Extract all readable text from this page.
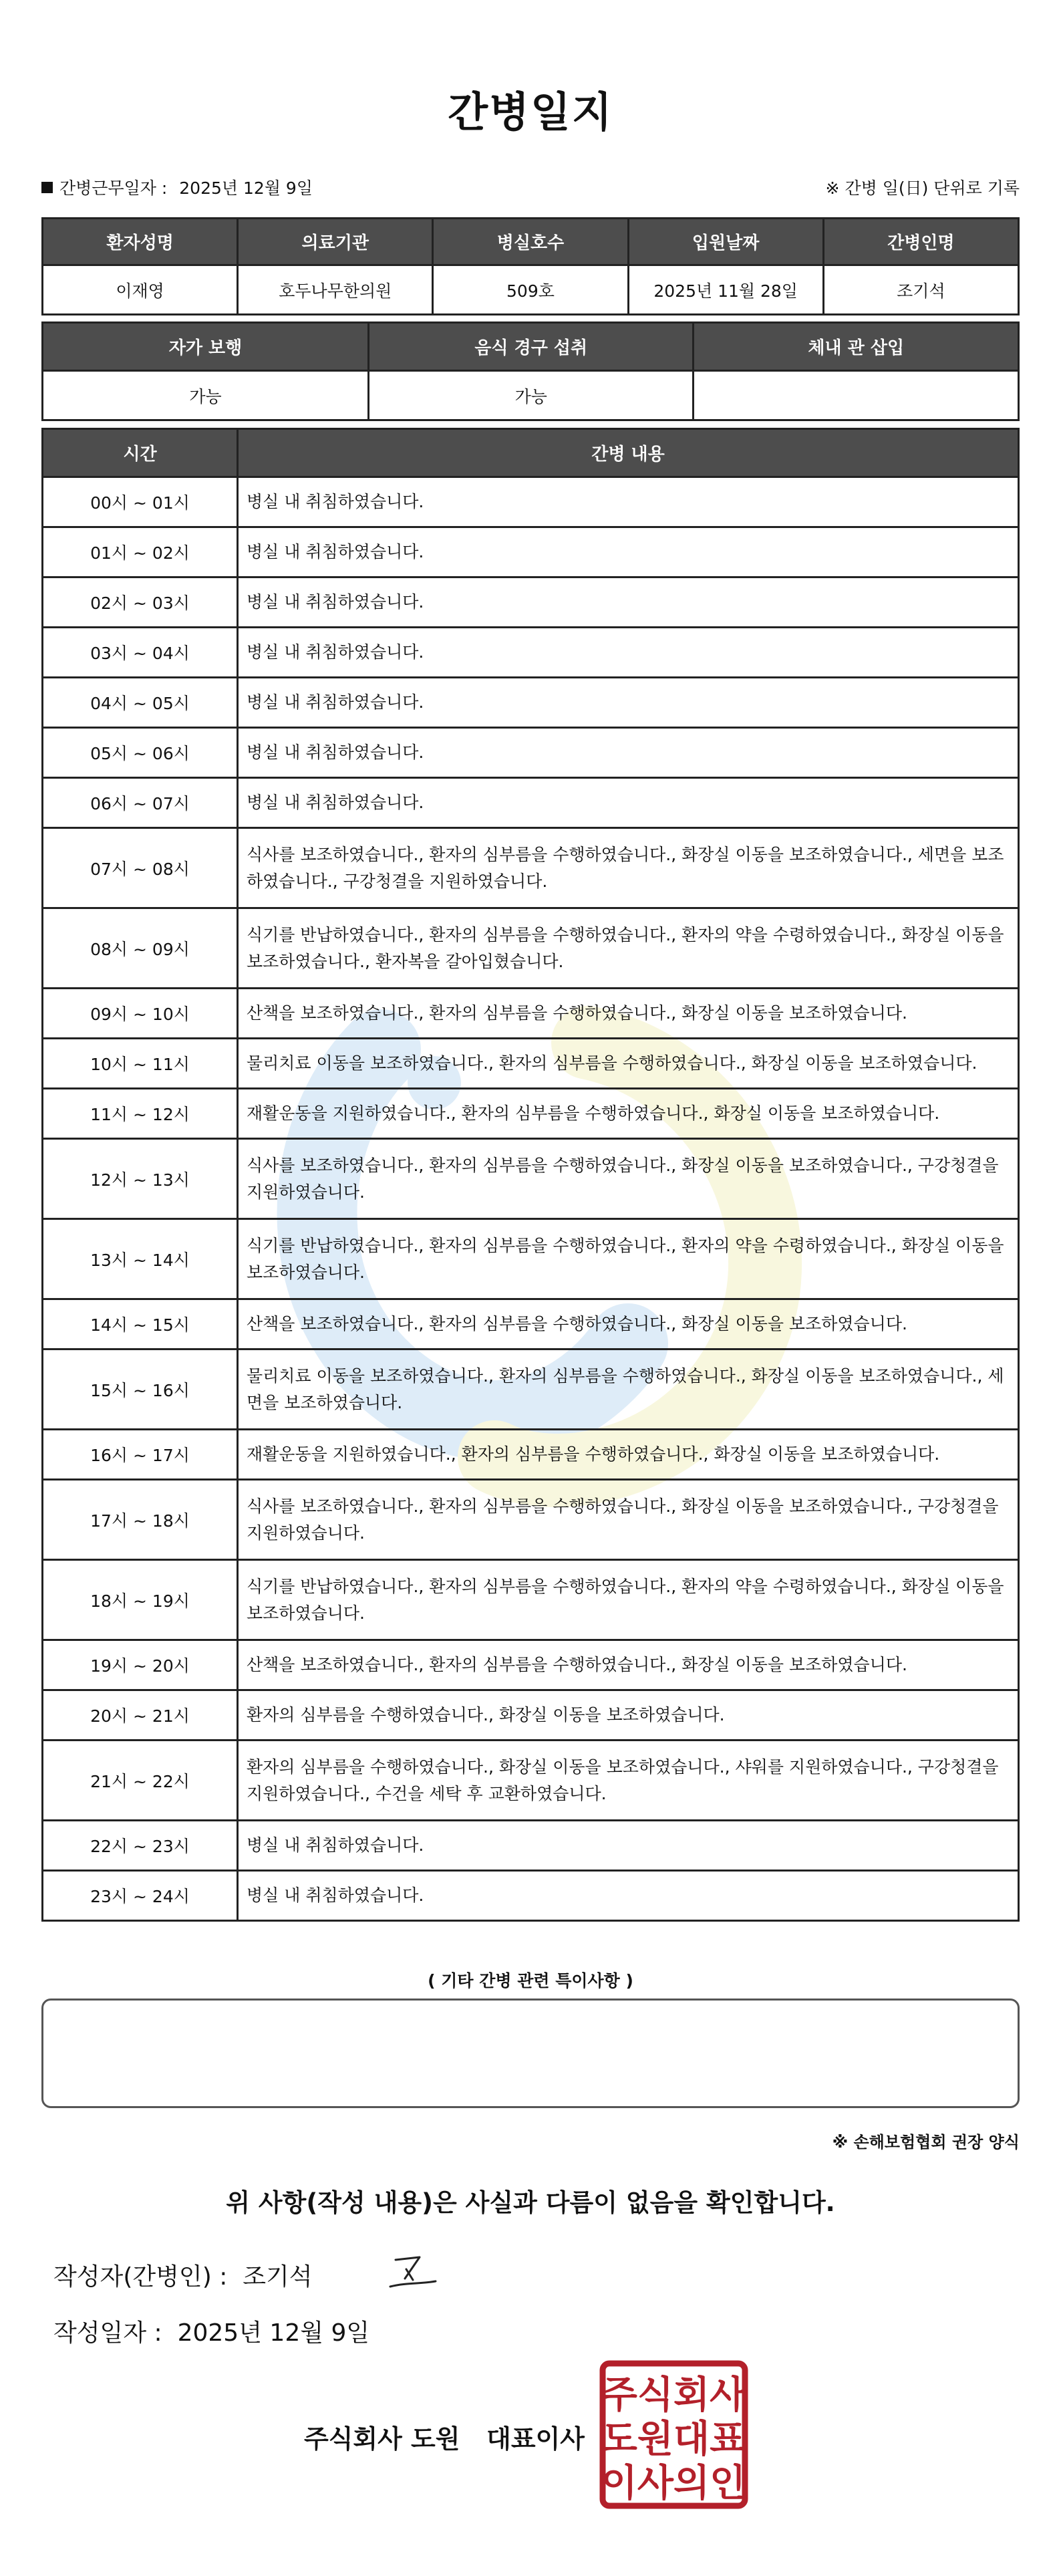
간병일지
간병근무일자 : 2025년 12월 9일	※ 간병 일(日) 단위로 기록
환자성명	의료기관	병실호수	입원날짜	간병인명
이재영	호두나무한의원	509호	2025년 11월 28일	조기석
자가 보행	음식 경구 섭취	체내 관 삽입
가능	가능	
시간	간병 내용
00시 ~ 01시	병실 내 취침하였습니다.
01시 ~ 02시	병실 내 취침하였습니다.
02시 ~ 03시	병실 내 취침하였습니다.
03시 ~ 04시	병실 내 취침하였습니다.
04시 ~ 05시	병실 내 취침하였습니다.
05시 ~ 06시	병실 내 취침하였습니다.
06시 ~ 07시	병실 내 취침하였습니다.
07시 ~ 08시	식사를 보조하였습니다., 환자의 심부름을 수행하였습니다., 화장실 이동을 보조하였습니다., 세면을 보조하였습니다., 구강청결을 지원하였습니다.
08시 ~ 09시	식기를 반납하였습니다., 환자의 심부름을 수행하였습니다., 환자의 약을 수령하였습니다., 화장실 이동을 보조하였습니다., 환자복을 갈아입혔습니다.
09시 ~ 10시	산책을 보조하였습니다., 환자의 심부름을 수행하였습니다., 화장실 이동을 보조하였습니다.
10시 ~ 11시	물리치료 이동을 보조하였습니다., 환자의 심부름을 수행하였습니다., 화장실 이동을 보조하였습니다.
11시 ~ 12시	재활운동을 지원하였습니다., 환자의 심부름을 수행하였습니다., 화장실 이동을 보조하였습니다.
12시 ~ 13시	식사를 보조하였습니다., 환자의 심부름을 수행하였습니다., 화장실 이동을 보조하였습니다., 구강청결을 지원하였습니다.
13시 ~ 14시	식기를 반납하였습니다., 환자의 심부름을 수행하였습니다., 환자의 약을 수령하였습니다., 화장실 이동을 보조하였습니다.
14시 ~ 15시	산책을 보조하였습니다., 환자의 심부름을 수행하였습니다., 화장실 이동을 보조하였습니다.
15시 ~ 16시	물리치료 이동을 보조하였습니다., 환자의 심부름을 수행하였습니다., 화장실 이동을 보조하였습니다., 세면을 보조하였습니다.
16시 ~ 17시	재활운동을 지원하였습니다., 환자의 심부름을 수행하였습니다., 화장실 이동을 보조하였습니다.
17시 ~ 18시	식사를 보조하였습니다., 환자의 심부름을 수행하였습니다., 화장실 이동을 보조하였습니다., 구강청결을 지원하였습니다.
18시 ~ 19시	식기를 반납하였습니다., 환자의 심부름을 수행하였습니다., 환자의 약을 수령하였습니다., 화장실 이동을 보조하였습니다.
19시 ~ 20시	산책을 보조하였습니다., 환자의 심부름을 수행하였습니다., 화장실 이동을 보조하였습니다.
20시 ~ 21시	환자의 심부름을 수행하였습니다., 화장실 이동을 보조하였습니다.
21시 ~ 22시	환자의 심부름을 수행하였습니다., 화장실 이동을 보조하였습니다., 샤워를 지원하였습니다., 구강청결을 지원하였습니다., 수건을 세탁 후 교환하였습니다.
22시 ~ 23시	병실 내 취침하였습니다.
23시 ~ 24시	병실 내 취침하였습니다.
( 기타 간병 관련 특이사항 )
※ 손해보험협회 권장 양식
위 사항(작성 내용)은 사실과 다름이 없음을 확인합니다.
작성자(간병인) : 조기석
작성일자 : 2025년 12월 9일
주식회사 도원   대표이사
주식회사
도원대표
이사의인
